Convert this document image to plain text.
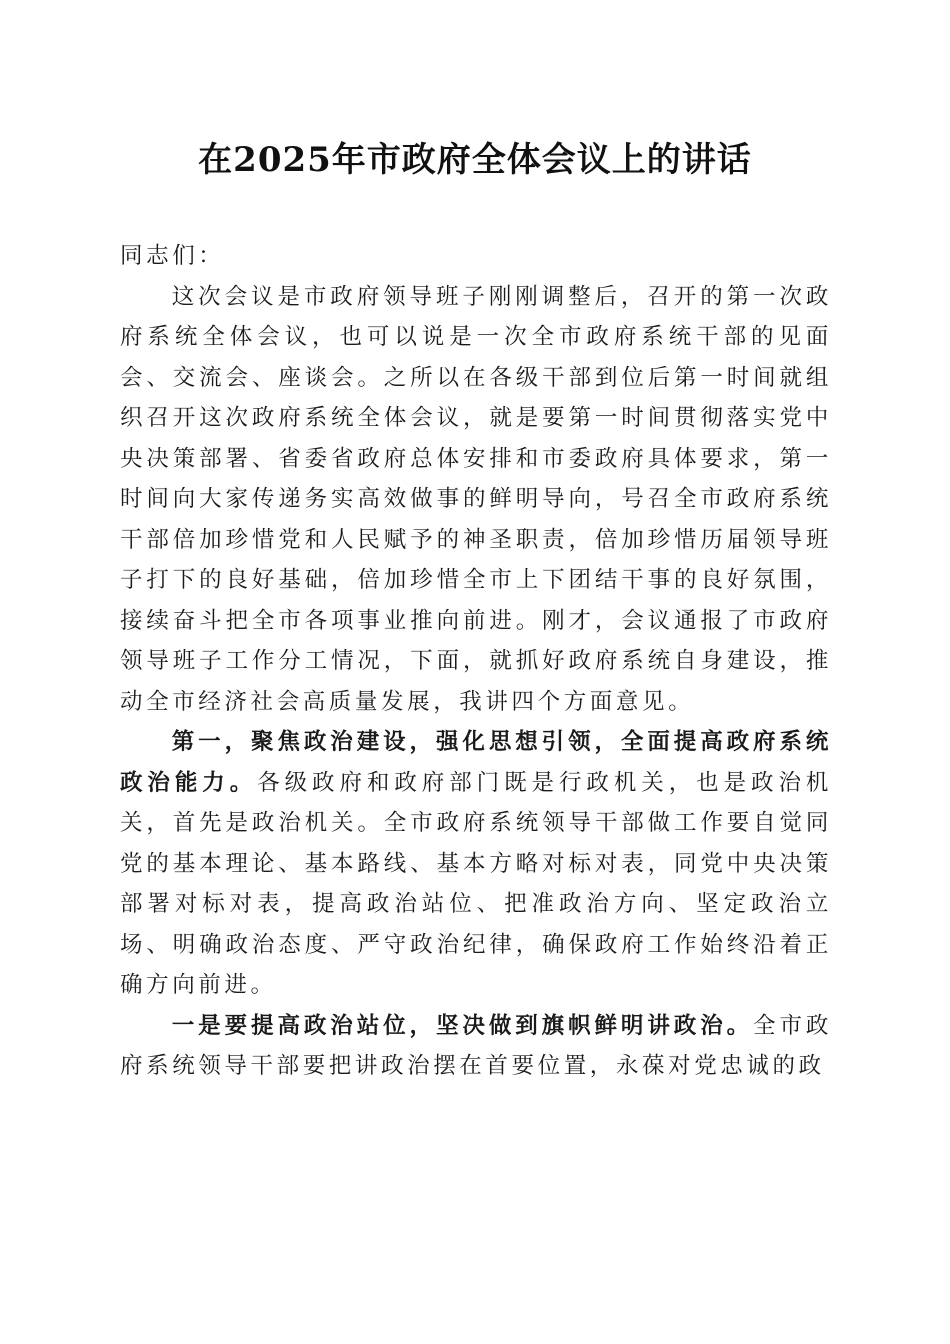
在2025年市政府全体会议上的讲话

同志们：

这次会议是市政府领导班子刚刚调整后，召开的第一次政府系统全体会议，也可以说是一次全市政府系统干部的见面会、交流会、座谈会。之所以在各级干部到位后第一时间就组织召开这次政府系统全体会议，就是要第一时间贯彻落实党中央决策部署、省委省政府总体安排和市委政府具体要求，第一时间向大家传递务实高效做事的鲜明导向，号召全市政府系统干部倍加珍惜党和人民赋予的神圣职责，倍加珍惜历届领导班子打下的良好基础，倍加珍惜全市上下团结干事的良好氛围，接续奋斗把全市各项事业推向前进。刚才，会议通报了市政府领导班子工作分工情况，下面，就抓好政府系统自身建设，推动全市经济社会高质量发展，我讲四个方面意见。

第一，聚焦政治建设，强化思想引领，全面提高政府系统政治能力。各级政府和政府部门既是行政机关，也是政治机关，首先是政治机关。全市政府系统领导干部做工作要自觉同党的基本理论、基本路线、基本方略对标对表，同党中央决策部署对标对表，提高政治站位、把准政治方向、坚定政治立场、明确政治态度、严守政治纪律，确保政府工作始终沿着正确方向前进。

一是要提高政治站位，坚决做到旗帜鲜明讲政治。全市政府系统领导干部要把讲政治摆在首要位置，永葆对党忠诚的政
